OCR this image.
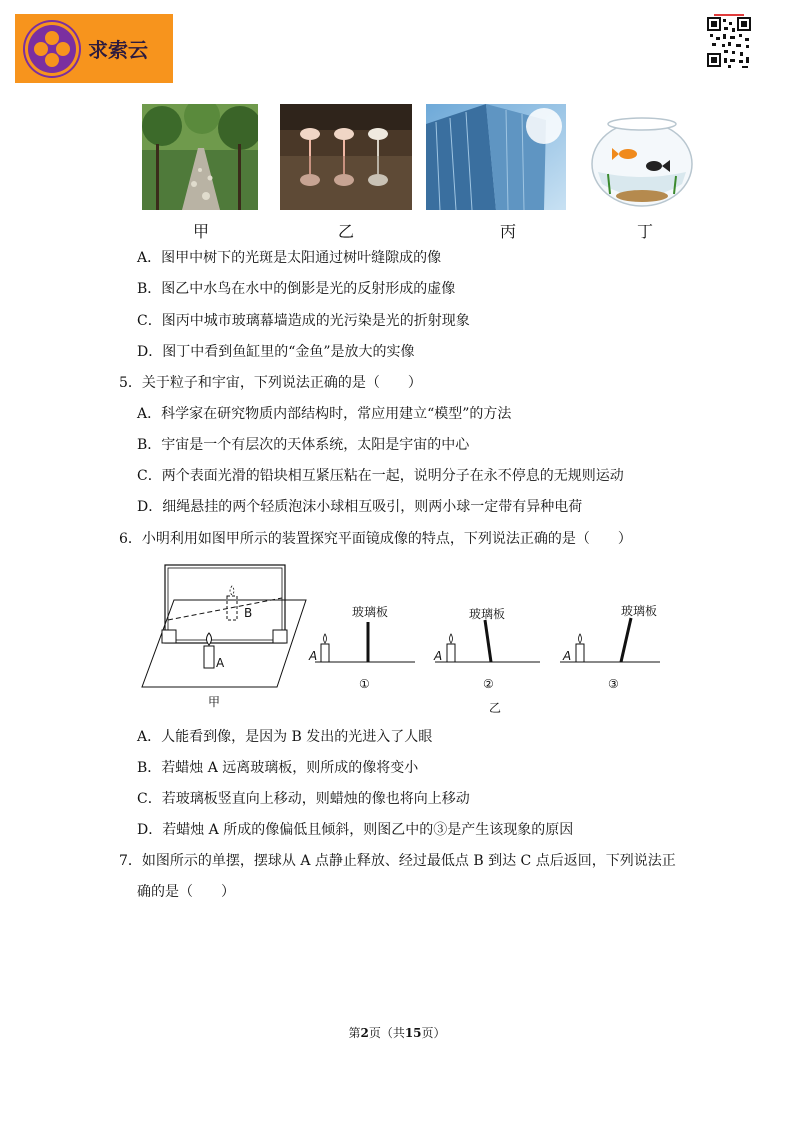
求索云
甲	乙	丙	丁
A．图甲中树下的光斑是太阳通过树叶缝隙成的像
B．图乙中水鸟在水中的倒影是光的反射形成的虚像
C．图丙中城市玻璃幕墙造成的光污染是光的折射现象
D．图丁中看到鱼缸里的“金鱼”是放大的实像
5．关于粒子和宇宙，下列说法正确的是（　　）
A．科学家在研究物质内部结构时，常应用建立“模型”的方法
B．宇宙是一个有层次的天体系统，太阳是宇宙的中心
C．两个表面光滑的铅块相互紧压粘在一起，说明分子在永不停息的无规则运动
D．细绳悬挂的两个轻质泡沫小球相互吸引，则两小球一定带有异种电荷
6．小明利用如图甲所示的装置探究平面镜成像的特点，下列说法正确的是（　　）
B
A
甲
A
玻璃板
①
A
玻璃板
②
乙
A
玻璃板
③
A．人能看到像，是因为 B 发出的光进入了人眼
B．若蜡烛 A 远离玻璃板，则所成的像将变小
C．若玻璃板竖直向上移动，则蜡烛的像也将向上移动
D．若蜡烛 A 所成的像偏低且倾斜，则图乙中的③是产生该现象的原因
7．如图所示的单摆，摆球从 A 点静止释放、经过最低点 B 到达 C 点后返回，下列说法正
确的是（　　）
第2页（共15页）
